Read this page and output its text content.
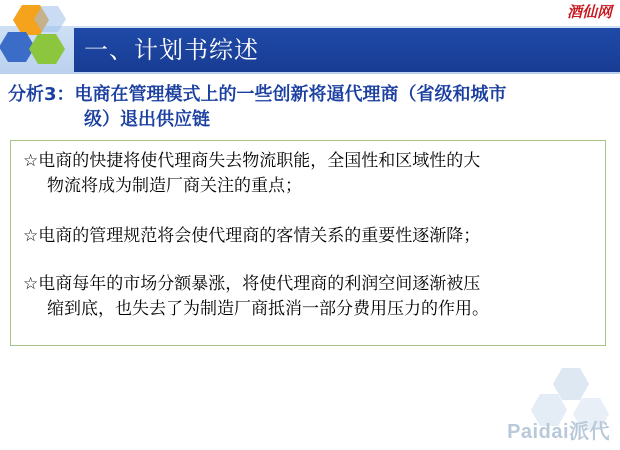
一、计划书综述
酒仙网
分析3：电商在管理模式上的一些创新将逼代理商（省级和城市
级）退出供应链
☆电商的快捷将使代理商失去物流职能，全国性和区域性的大
物流将成为制造厂商关注的重点；
☆电商的管理规范将会使代理商的客情关系的重要性逐渐降；
☆电商每年的市场分额暴涨，将使代理商的利润空间逐渐被压
缩到底，也失去了为制造厂商抵消一部分费用压力的作用。
Paidai派代
